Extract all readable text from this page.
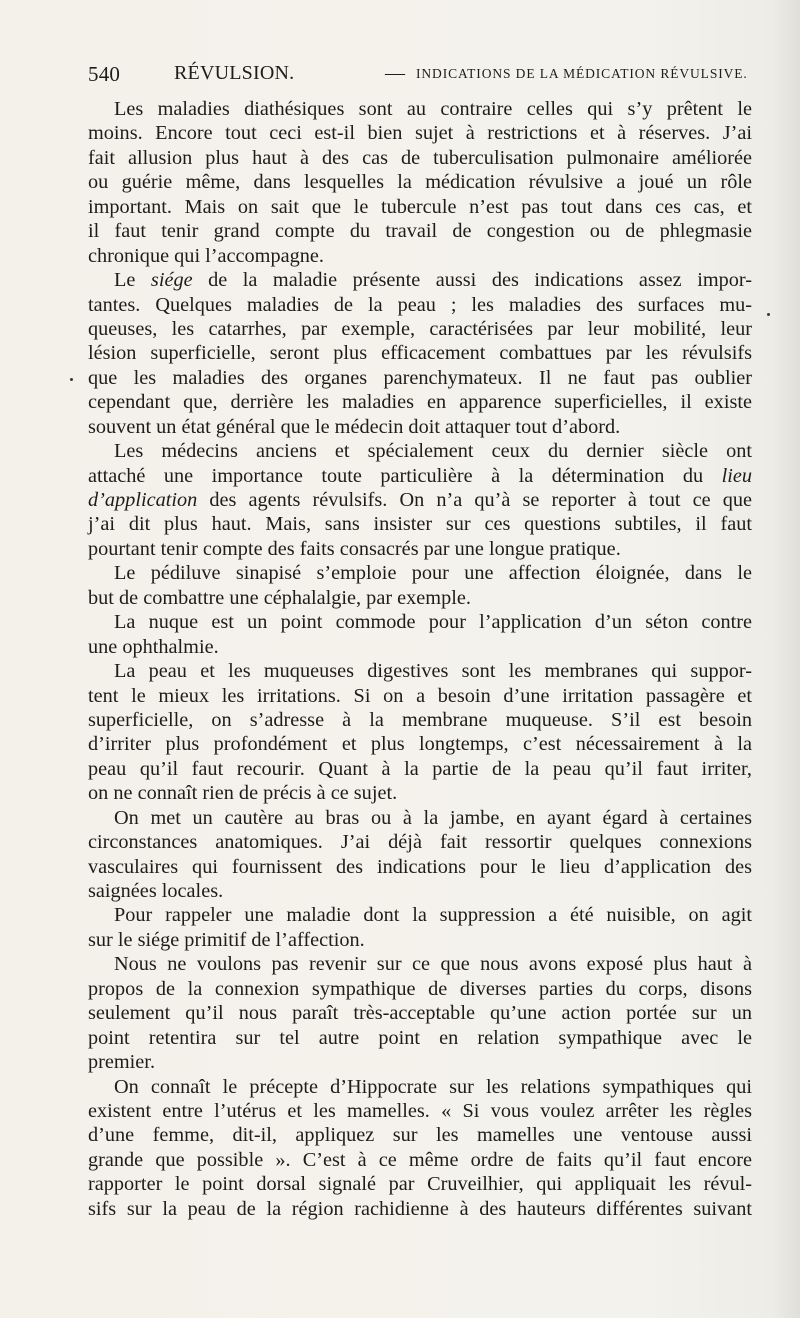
540	RÉVULSION.	— INDICATIONS DE LA MÉDICATION RÉVULSIVE.
Les maladies diathésiques sont au contraire celles qui s’y prêtent le
moins. Encore tout ceci est-il bien sujet à restrictions et à réserves. J’ai
fait allusion plus haut à des cas de tuberculisation pulmonaire améliorée
ou guérie même, dans lesquelles la médication révulsive a joué un rôle
important. Mais on sait que le tubercule n’est pas tout dans ces cas, et
il faut tenir grand compte du travail de congestion ou de phlegmasie
chronique qui l’accompagne.
Le siége de la maladie présente aussi des indications assez impor-
tantes. Quelques maladies de la peau ; les maladies des surfaces mu-
queuses, les catarrhes, par exemple, caractérisées par leur mobilité, leur
lésion superficielle, seront plus efficacement combattues par les révulsifs
que les maladies des organes parenchymateux. Il ne faut pas oublier
cependant que, derrière les maladies en apparence superficielles, il existe
souvent un état général que le médecin doit attaquer tout d’abord.
Les médecins anciens et spécialement ceux du dernier siècle ont
attaché une importance toute particulière à la détermination du lieu
d’application des agents révulsifs. On n’a qu’à se reporter à tout ce que
j’ai dit plus haut. Mais, sans insister sur ces questions subtiles, il faut
pourtant tenir compte des faits consacrés par une longue pratique.
Le pédiluve sinapisé s’emploie pour une affection éloignée, dans le
but de combattre une céphalalgie, par exemple.
La nuque est un point commode pour l’application d’un séton contre
une ophthalmie.
La peau et les muqueuses digestives sont les membranes qui suppor-
tent le mieux les irritations. Si on a besoin d’une irritation passagère et
superficielle, on s’adresse à la membrane muqueuse. S’il est besoin
d’irriter plus profondément et plus longtemps, c’est nécessairement à la
peau qu’il faut recourir. Quant à la partie de la peau qu’il faut irriter,
on ne connaît rien de précis à ce sujet.
On met un cautère au bras ou à la jambe, en ayant égard à certaines
circonstances anatomiques. J’ai déjà fait ressortir quelques connexions
vasculaires qui fournissent des indications pour le lieu d’application des
saignées locales.
Pour rappeler une maladie dont la suppression a été nuisible, on agit
sur le siége primitif de l’affection.
Nous ne voulons pas revenir sur ce que nous avons exposé plus haut à
propos de la connexion sympathique de diverses parties du corps, disons
seulement qu’il nous paraît très-acceptable qu’une action portée sur un
point retentira sur tel autre point en relation sympathique avec le
premier.
On connaît le précepte d’Hippocrate sur les relations sympathiques qui
existent entre l’utérus et les mamelles. « Si vous voulez arrêter les règles
d’une femme, dit-il, appliquez sur les mamelles une ventouse aussi
grande que possible ». C’est à ce même ordre de faits qu’il faut encore
rapporter le point dorsal signalé par Cruveilhier, qui appliquait les révul-
sifs sur la peau de la région rachidienne à des hauteurs différentes suivant
